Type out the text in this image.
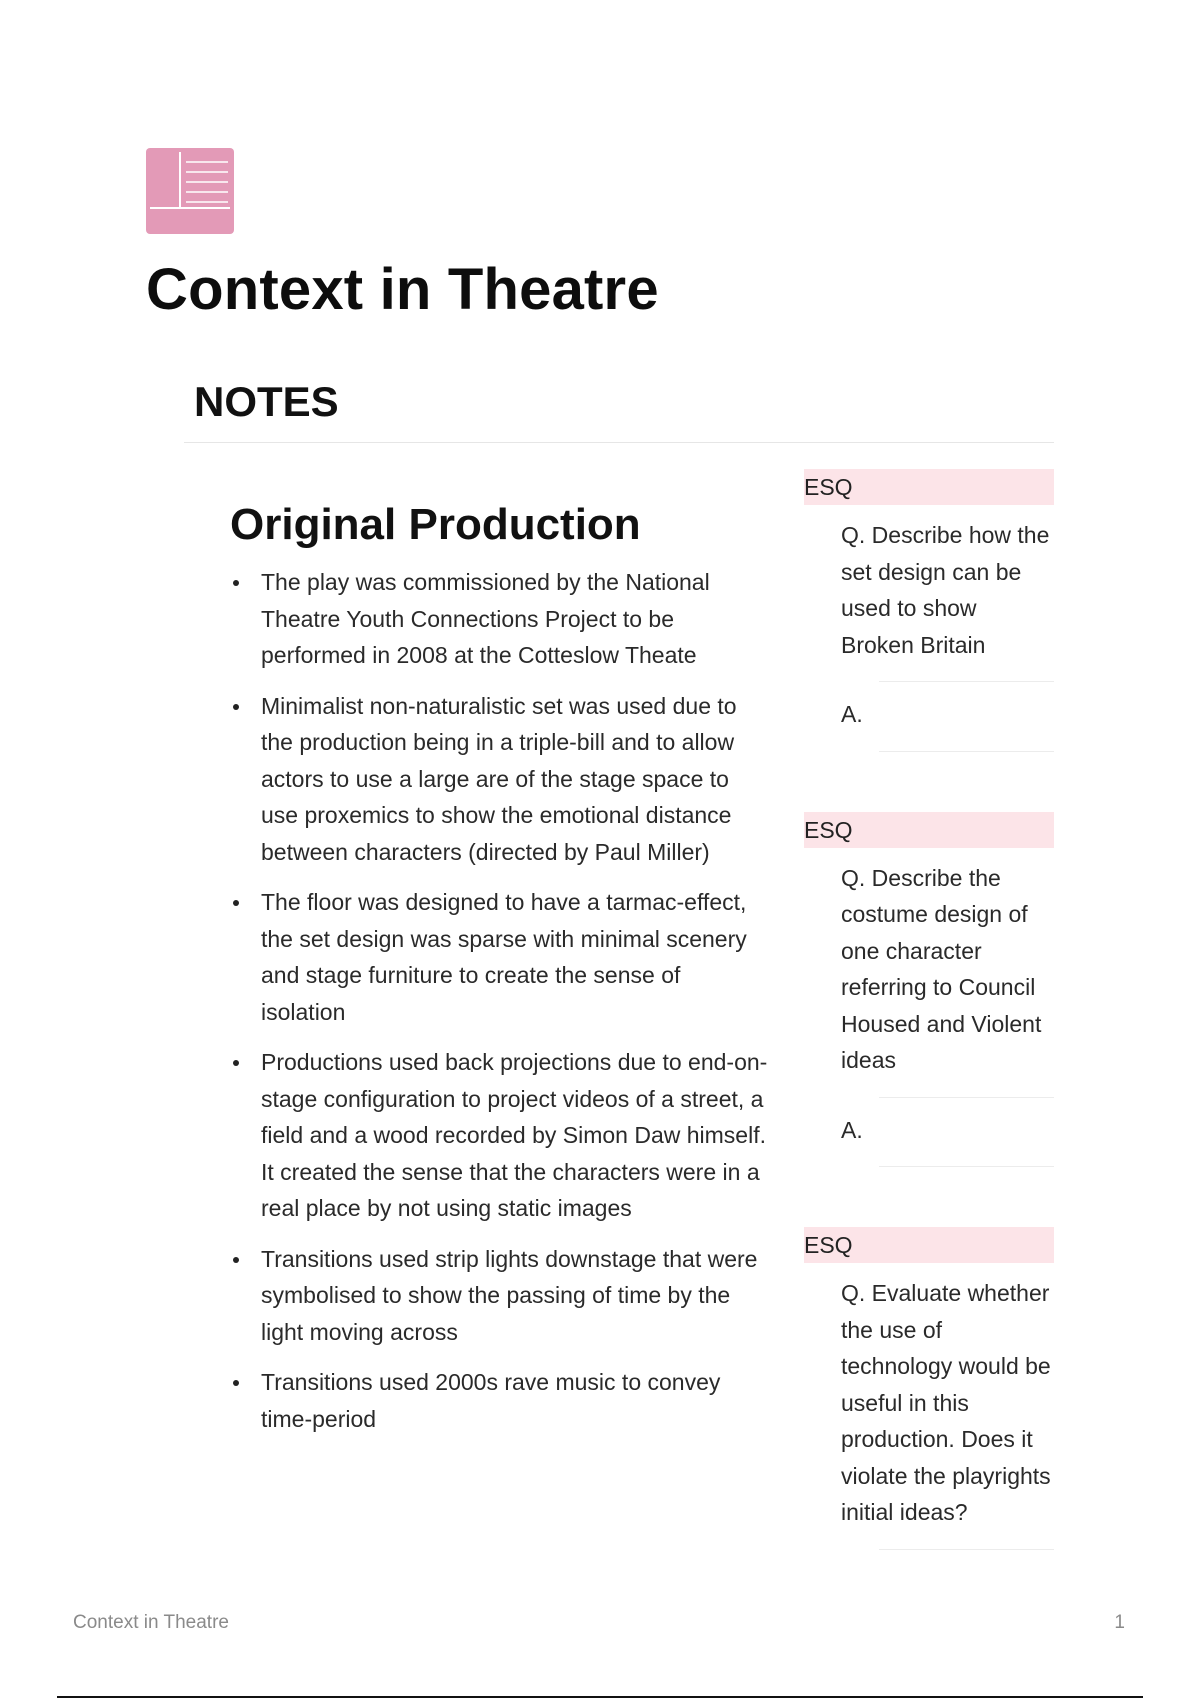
Context in Theatre
NOTES
Original Production
The play was commissioned by the National Theatre Youth Connections Project to be performed in 2008 at the Cotteslow Theate
Minimalist non-naturalistic set was used due to the production being in a triple-bill and to allow actors to use a large are of the stage space to use proxemics to show the emotional distance between characters (directed by Paul Miller)
The floor was designed to have a tarmac-effect, the set design was sparse with minimal scenery and stage furniture to create the sense of isolation
Productions used back projections due to end-on-stage configuration to project videos of a street, a field and a wood recorded by Simon Daw himself. It created the sense that the characters were in a real place by not using static images
Transitions used strip lights downstage that were symbolised to show the passing of time by the light moving across
Transitions used 2000s rave music to convey time-period
ESQ
Q. Describe how the set design can be used to show Broken Britain
A.
ESQ
Q. Describe the costume design of one character referring to Council Housed and Violent ideas
A.
ESQ
Q. Evaluate whether the use of technology would be useful in this production. Does it violate the playrights initial ideas?
Context in Theatre	1
